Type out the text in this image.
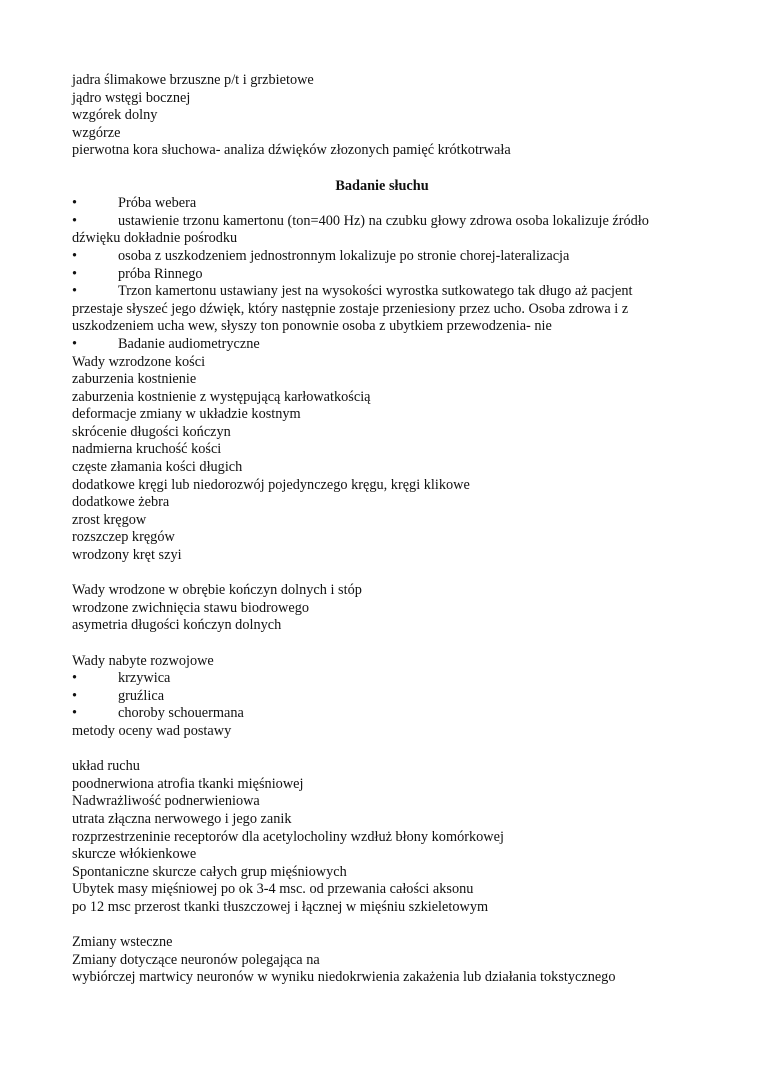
jadra ślimakowe brzuszne p/t i grzbietowe
jądro wstęgi bocznej
wzgórek dolny
wzgórze
pierwotna kora słuchowa- analiza dźwięków złozonych pamięć krótkotrwała
Badanie słuchu
•	Próba webera
•	ustawienie trzonu kamertonu (ton=400 Hz) na czubku głowy zdrowa osoba lokalizuje źródło
dźwięku dokładnie pośrodku
•	osoba z uszkodzeniem jednostronnym lokalizuje po stronie chorej-lateralizacja
•	próba Rinnego
•	Trzon kamertonu ustawiany jest na wysokości wyrostka sutkowatego tak długo aż pacjent
przestaje słyszeć jego dźwięk, który następnie zostaje przeniesiony przez ucho. Osoba zdrowa i z
uszkodzeniem ucha wew, słyszy ton ponownie osoba z ubytkiem przewodzenia- nie
•	Badanie audiometryczne
Wady wzrodzone kości
zaburzenia kostnienie
zaburzenia kostnienie z występującą karłowatkością
deformacje zmiany w układzie kostnym
skrócenie długości kończyn
nadmierna kruchość kości
częste złamania kości długich
dodatkowe kręgi lub niedorozwój pojedynczego kręgu, kręgi klikowe
dodatkowe żebra
zrost kręgow
rozszczep kręgów
wrodzony kręt szyi
Wady wrodzone w obrębie kończyn dolnych i stóp
wrodzone zwichnięcia stawu biodrowego
asymetria długości kończyn dolnych
Wady nabyte rozwojowe
•	krzywica
•	gruźlica
•	choroby schouermana
metody oceny wad postawy
układ ruchu
poodnerwiona atrofia tkanki mięśniowej
Nadwrażliwość podnerwieniowa
utrata złączna nerwowego i jego zanik
rozprzestrzeninie receptorów dla acetylocholiny wzdłuż błony komórkowej
skurcze włókienkowe
Spontaniczne skurcze całych grup mięśniowych
Ubytek masy mięśniowej po ok 3-4 msc. od przewania całości aksonu
po 12 msc przerost tkanki tłuszczowej i łącznej w mięśniu szkieletowym
Zmiany wsteczne
Zmiany dotyczące neuronów polegająca na
wybiórczej martwicy neuronów w wyniku niedokrwienia zakażenia lub działania tokstycznego
